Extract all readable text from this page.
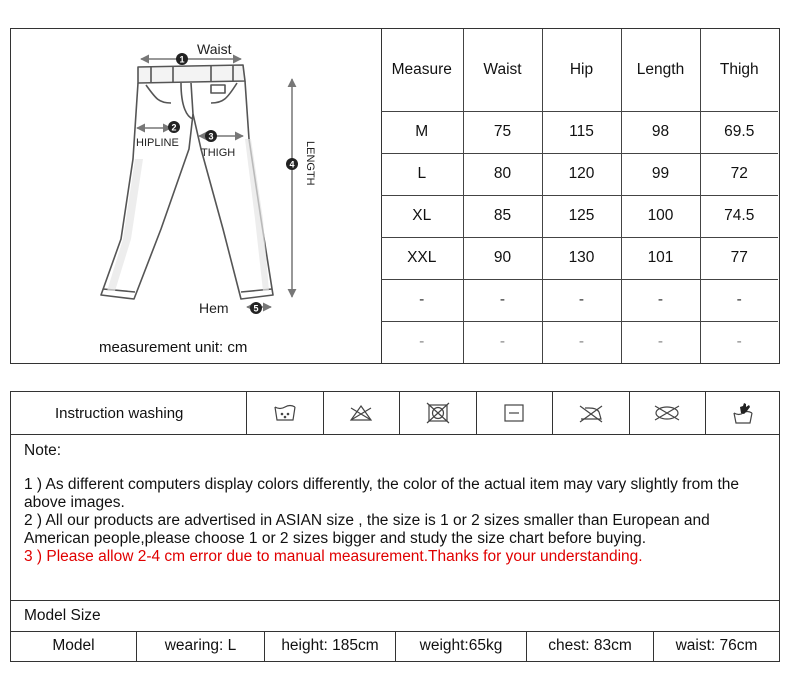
1
2
3
4
5
Waist
HIPLINE
THIGH	LENGTH
Hem
measurement unit: cm
Measure	Waist	Hip	Length	Thigh
M	75	115	98	69.5
L	80	120	99	72
XL	85	125	100	74.5
XXL	90	130	101	77
-	-	-	-	-
-	-	-	-	-
Instruction washing
Note:

1 ) As different computers display colors differently, the color of the actual item may vary slightly from the above images.

2 ) All our products are advertised in ASIAN size , the size is 1 or 2 sizes smaller than European and American people,please choose 1 or 2 sizes bigger and study the size chart before buying.

3 ) Please allow 2-4 cm error due to manual measurement.Thanks for your understanding.

Model Size
Model	wearing: L	height: 185cm	weight:65kg	chest: 83cm	waist: 76cm
